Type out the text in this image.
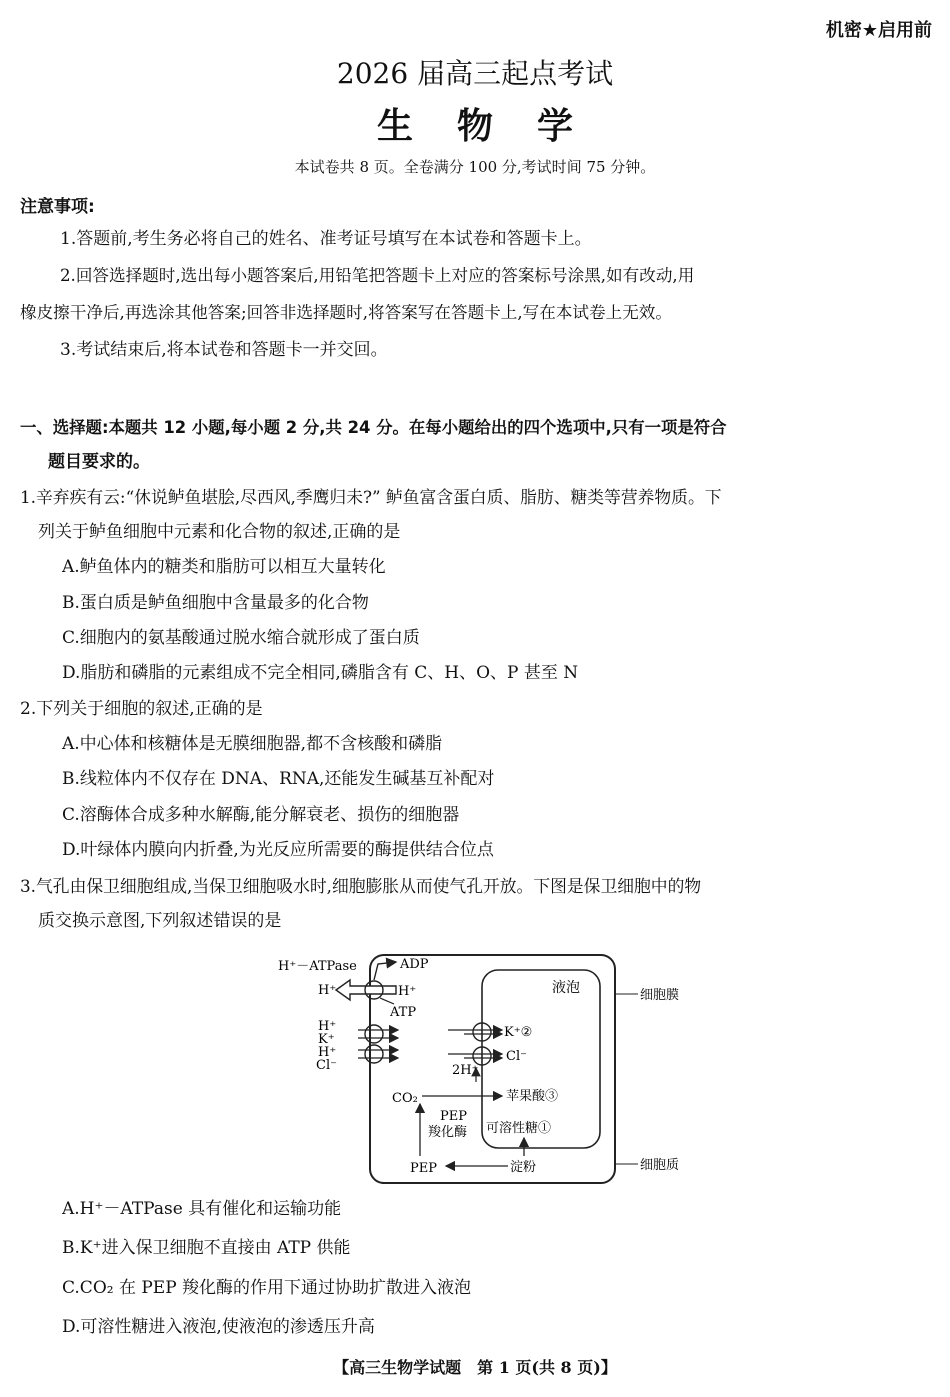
机密★启用前
2026 届高三起点考试
生物学
本试卷共 8 页。全卷满分 100 分,考试时间 75 分钟。
注意事项:
1.答题前,考生务必将自己的姓名、准考证号填写在本试卷和答题卡上。
2.回答选择题时,选出每小题答案后,用铅笔把答题卡上对应的答案标号涂黑,如有改动,用
橡皮擦干净后,再选涂其他答案;回答非选择题时,将答案写在答题卡上,写在本试卷上无效。
3.考试结束后,将本试卷和答题卡一并交回。
一、选择题:本题共 12 小题,每小题 2 分,共 24 分。在每小题给出的四个选项中,只有一项是符合
题目要求的。
1.辛弃疾有云:“休说鲈鱼堪脍,尽西风,季鹰归未?” 鲈鱼富含蛋白质、脂肪、糖类等营养物质。下
列关于鲈鱼细胞中元素和化合物的叙述,正确的是
A.鲈鱼体内的糖类和脂肪可以相互大量转化
B.蛋白质是鲈鱼细胞中含量最多的化合物
C.细胞内的氨基酸通过脱水缩合就形成了蛋白质
D.脂肪和磷脂的元素组成不完全相同,磷脂含有 C、H、O、P 甚至 N
2.下列关于细胞的叙述,正确的是
A.中心体和核糖体是无膜细胞器,都不含核酸和磷脂
B.线粒体内不仅存在 DNA、RNA,还能发生碱基互补配对
C.溶酶体合成多种水解酶,能分解衰老、损伤的细胞器
D.叶绿体内膜向内折叠,为光反应所需要的酶提供结合位点
3.气孔由保卫细胞组成,当保卫细胞吸水时,细胞膨胀从而使气孔开放。下图是保卫细胞中的物
质交换示意图,下列叙述错误的是
液泡
H⁺－ATPase	ADP
H⁺	H⁺
ATP
H⁺
K⁺
H⁺
Cl⁻
K⁺②
Cl⁻
2H⁺
CO₂	苹果酸③
PEP
羧化酶 可溶性糖①
PEP	淀粉
细胞膜
细胞质
A.H⁺－ATPase 具有催化和运输功能
B.K⁺进入保卫细胞不直接由 ATP 供能
C.CO₂ 在 PEP 羧化酶的作用下通过协助扩散进入液泡
D.可溶性糖进入液泡,使液泡的渗透压升高
【高三生物学试题　第 1 页(共 8 页)】
